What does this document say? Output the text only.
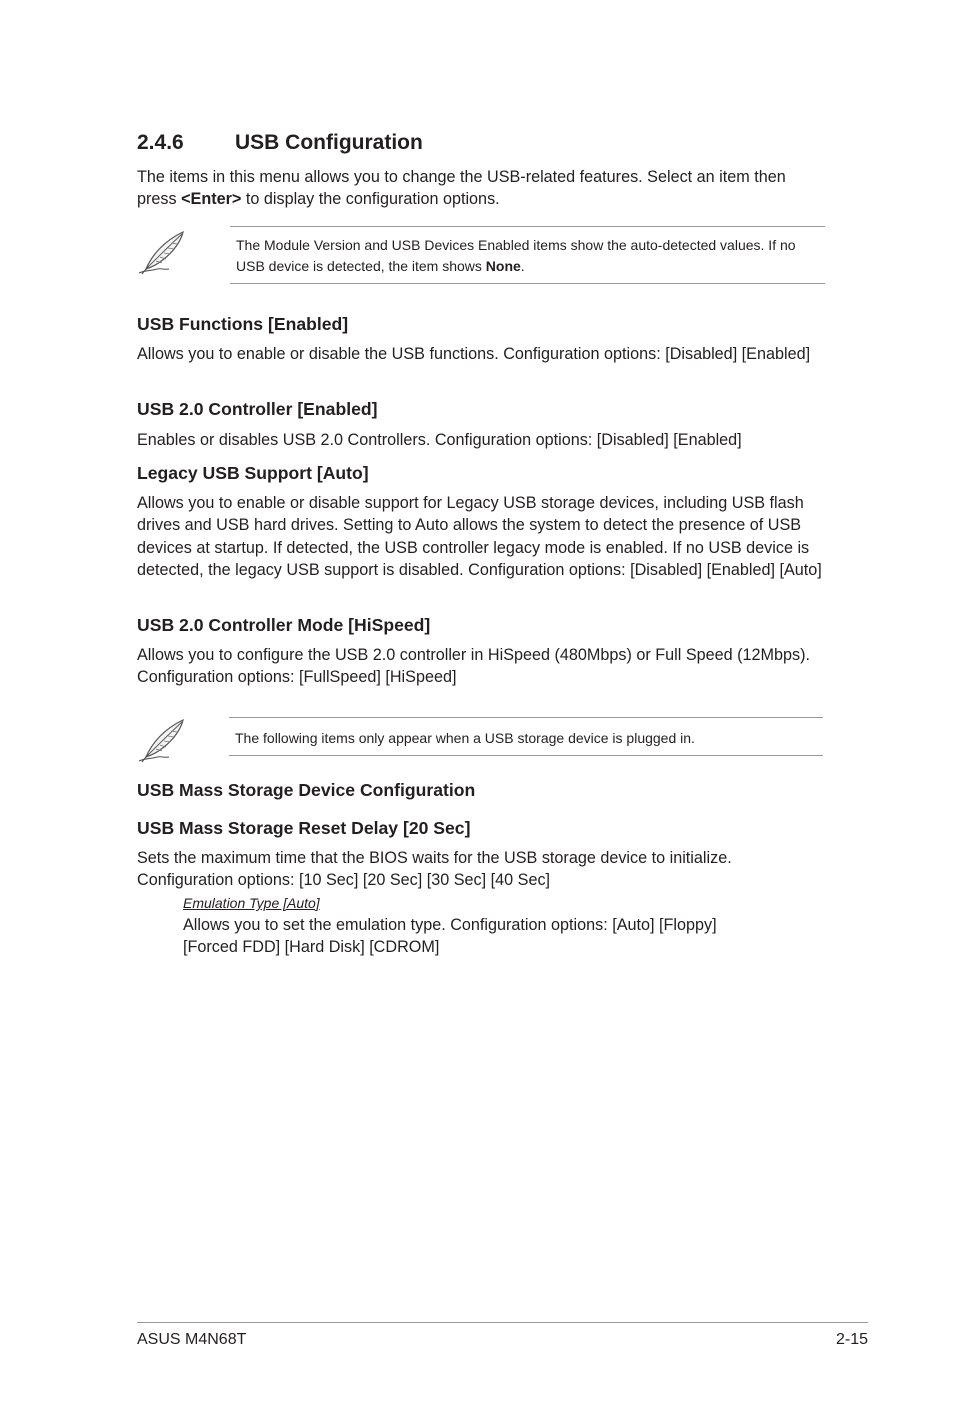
2.4.6 USB Configuration
The items in this menu allows you to change the USB-related features. Select an item then press <Enter> to display the configuration options.
The Module Version and USB Devices Enabled items show the auto-detected values. If no USB device is detected, the item shows None.
USB Functions [Enabled]
Allows you to enable or disable the USB functions. Configuration options: [Disabled] [Enabled]
USB 2.0 Controller [Enabled]
Enables or disables USB 2.0 Controllers. Configuration options: [Disabled] [Enabled]
Legacy USB Support [Auto]
Allows you to enable or disable support for Legacy USB storage devices, including USB flash drives and USB hard drives. Setting to Auto allows the system to detect the presence of USB devices at startup. If detected, the USB controller legacy mode is enabled. If no USB device is detected, the legacy USB support is disabled. Configuration options: [Disabled] [Enabled] [Auto]
USB 2.0 Controller Mode [HiSpeed]
Allows you to configure the USB 2.0 controller in HiSpeed (480Mbps) or Full Speed (12Mbps). Configuration options: [FullSpeed] [HiSpeed]
The following items only appear when a USB storage device is plugged in.
USB Mass Storage Device Configuration
USB Mass Storage Reset Delay [20 Sec]
Sets the maximum time that the BIOS waits for the USB storage device to initialize. Configuration options: [10 Sec] [20 Sec] [30 Sec] [40 Sec]
Emulation Type [Auto]
Allows you to set the emulation type. Configuration options: [Auto] [Floppy] [Forced FDD] [Hard Disk] [CDROM]
ASUS M4N68T	2-15
